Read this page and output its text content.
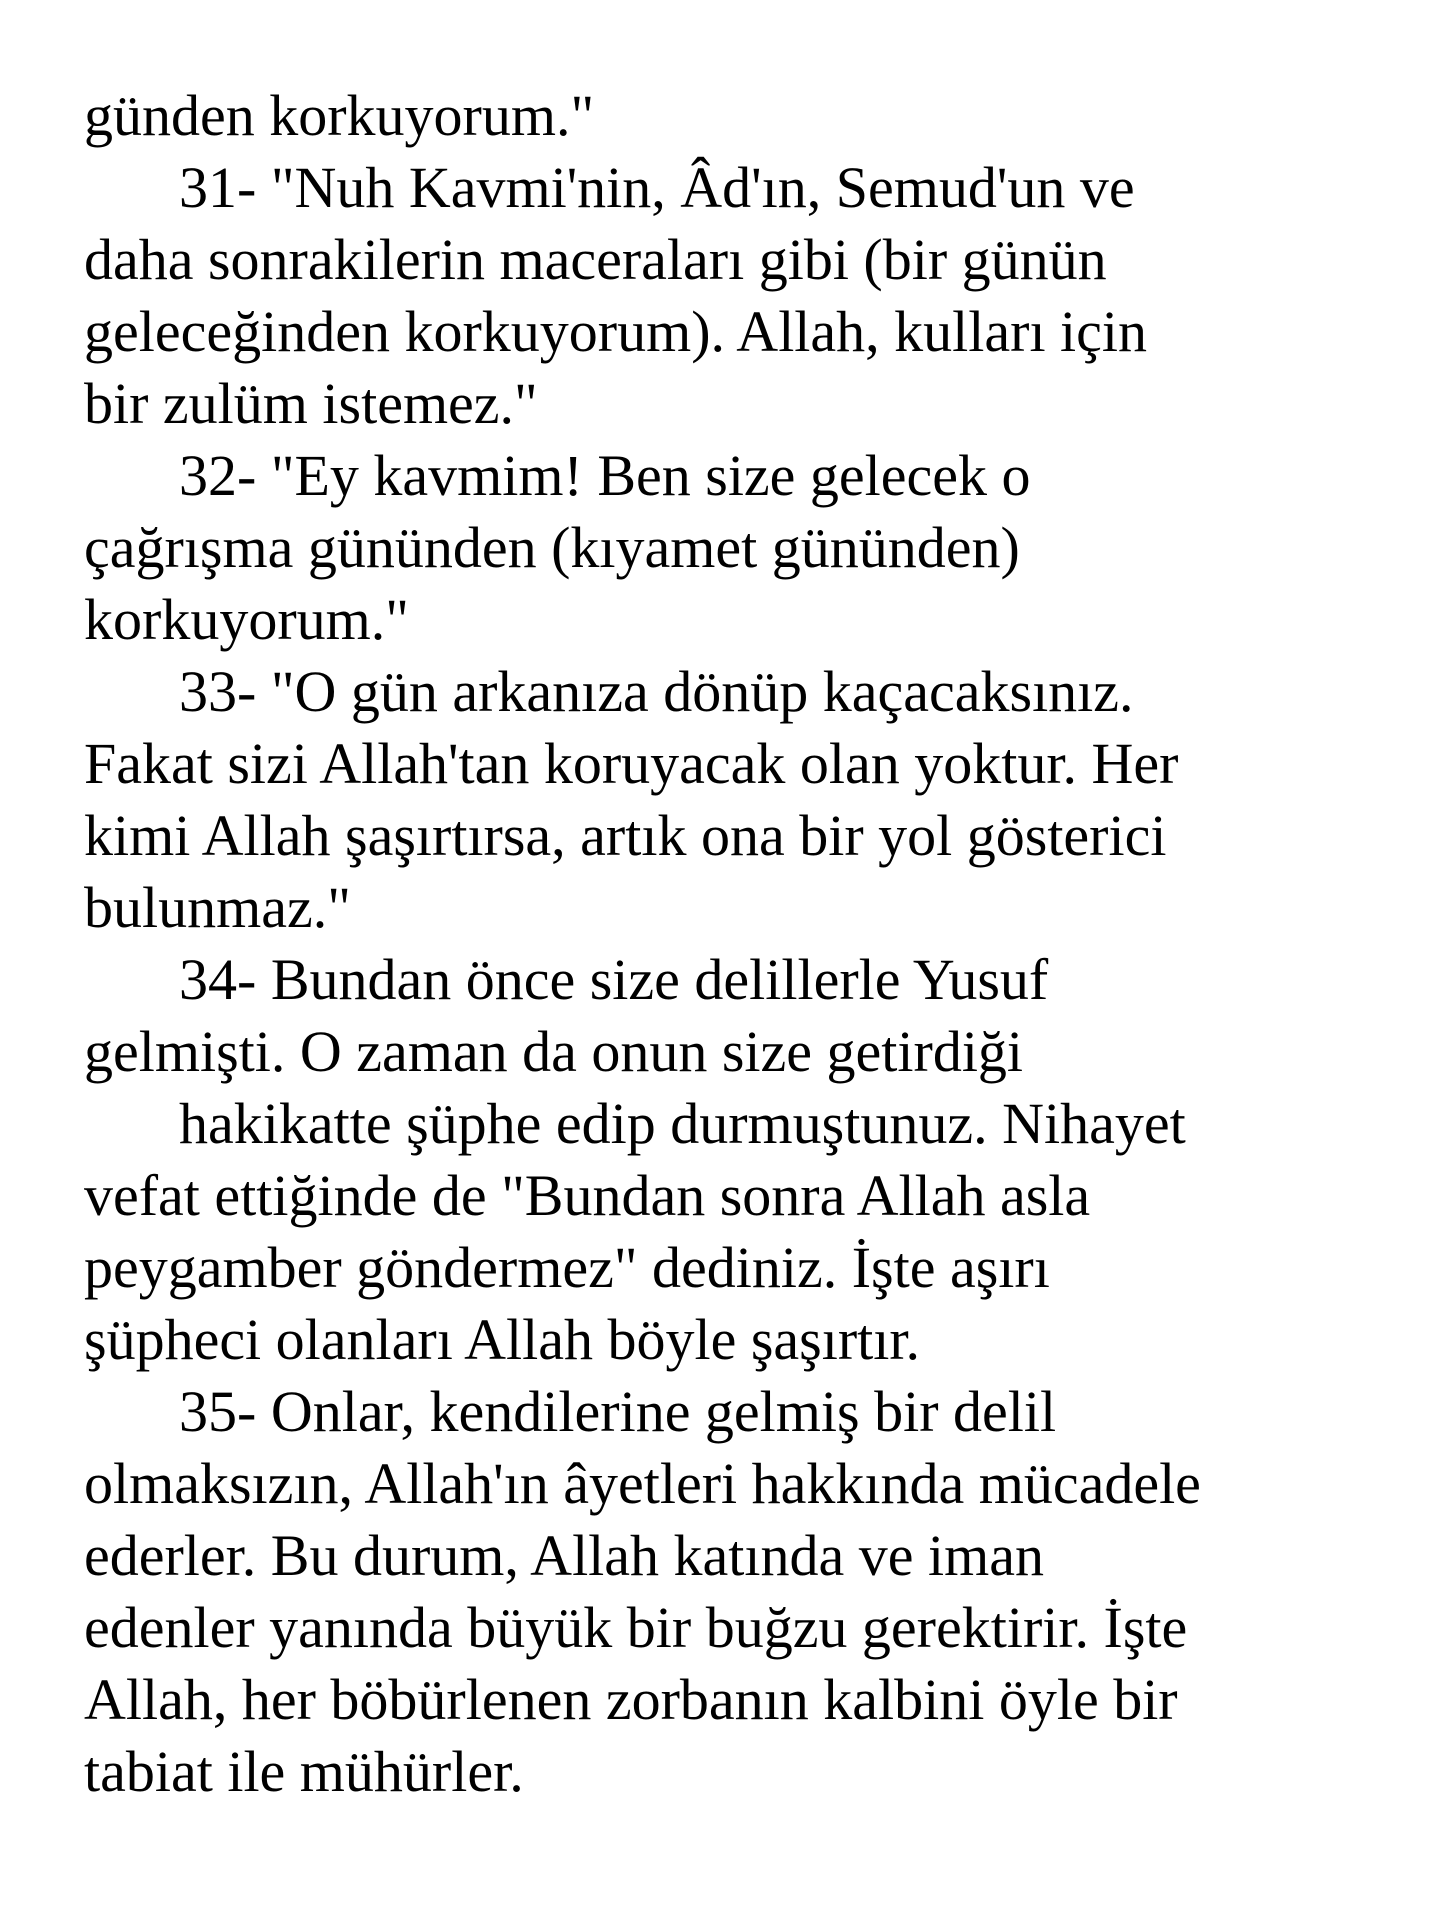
günden korkuyorum."
31- "Nuh Kavmi'nin, Âd'ın, Semud'un ve
daha sonrakilerin maceraları gibi (bir günün
geleceğinden korkuyorum). Allah, kulları için
bir zulüm istemez."
32- "Ey kavmim! Ben size gelecek o
çağrışma gününden (kıyamet gününden)
korkuyorum."
33- "O gün arkanıza dönüp kaçacaksınız.
Fakat sizi Allah'tan koruyacak olan yoktur. Her
kimi Allah şaşırtırsa, artık ona bir yol gösterici
bulunmaz."
34- Bundan önce size delillerle Yusuf
gelmişti. O zaman da onun size getirdiği
hakikatte şüphe edip durmuştunuz. Nihayet
vefat ettiğinde de "Bundan sonra Allah asla
peygamber göndermez" dediniz. İşte aşırı
şüpheci olanları Allah böyle şaşırtır.
35- Onlar, kendilerine gelmiş bir delil
olmaksızın, Allah'ın âyetleri hakkında mücadele
ederler. Bu durum, Allah katında ve iman
edenler yanında büyük bir buğzu gerektirir. İşte
Allah, her böbürlenen zorbanın kalbini öyle bir
tabiat ile mühürler.
